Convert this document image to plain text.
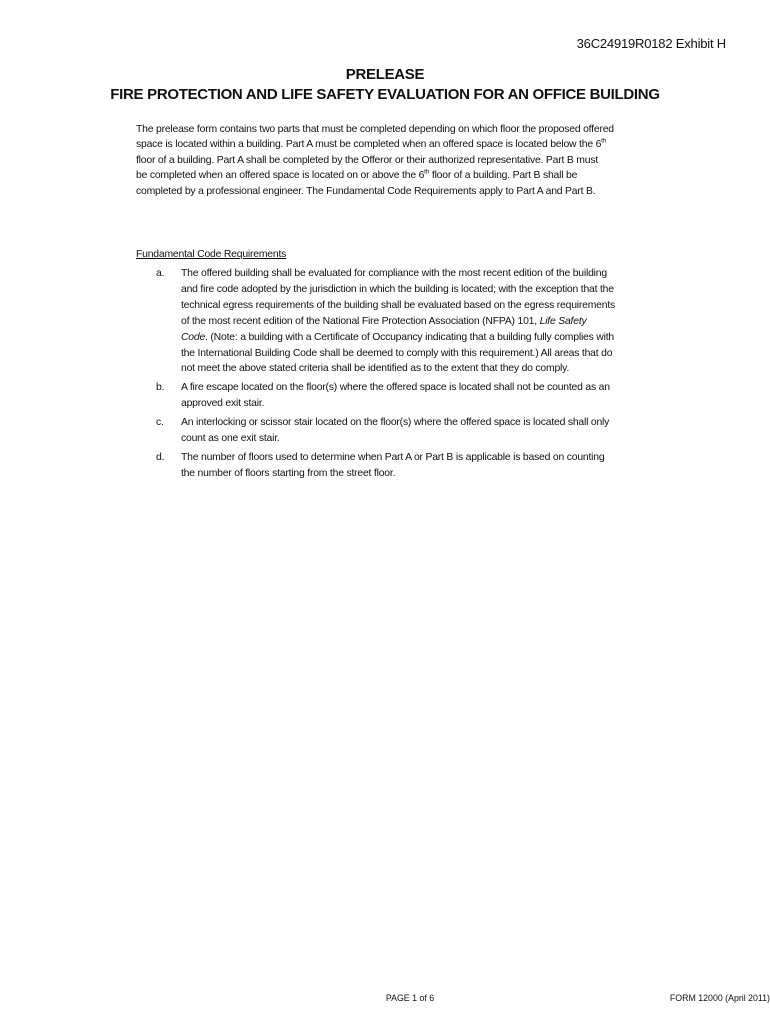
36C24919R0182 Exhibit H
PRELEASE
FIRE PROTECTION AND LIFE SAFETY EVALUATION FOR AN OFFICE BUILDING
The prelease form contains two parts that must be completed depending on which floor the proposed offered
space is located within a building. Part A must be completed when an offered space is located below the 6th
floor of a building. Part A shall be completed by the Offeror or their authorized representative. Part B must
be completed when an offered space is located on or above the 6th floor of a building. Part B shall be
completed by a professional engineer. The Fundamental Code Requirements apply to Part A and Part B.
Fundamental Code Requirements
a. The offered building shall be evaluated for compliance with the most recent edition of the building
and fire code adopted by the jurisdiction in which the building is located; with the exception that the
technical egress requirements of the building shall be evaluated based on the egress requirements
of the most recent edition of the National Fire Protection Association (NFPA) 101, Life Safety
Code. (Note: a building with a Certificate of Occupancy indicating that a building fully complies with
the International Building Code shall be deemed to comply with this requirement.) All areas that do
not meet the above stated criteria shall be identified as to the extent that they do comply.
b. A fire escape located on the floor(s) where the offered space is located shall not be counted as an
approved exit stair.
c. An interlocking or scissor stair located on the floor(s) where the offered space is located shall only
count as one exit stair.
d. The number of floors used to determine when Part A or Part B is applicable is based on counting
the number of floors starting from the street floor.
PAGE 1 of 6	FORM 12000 (April 2011)
